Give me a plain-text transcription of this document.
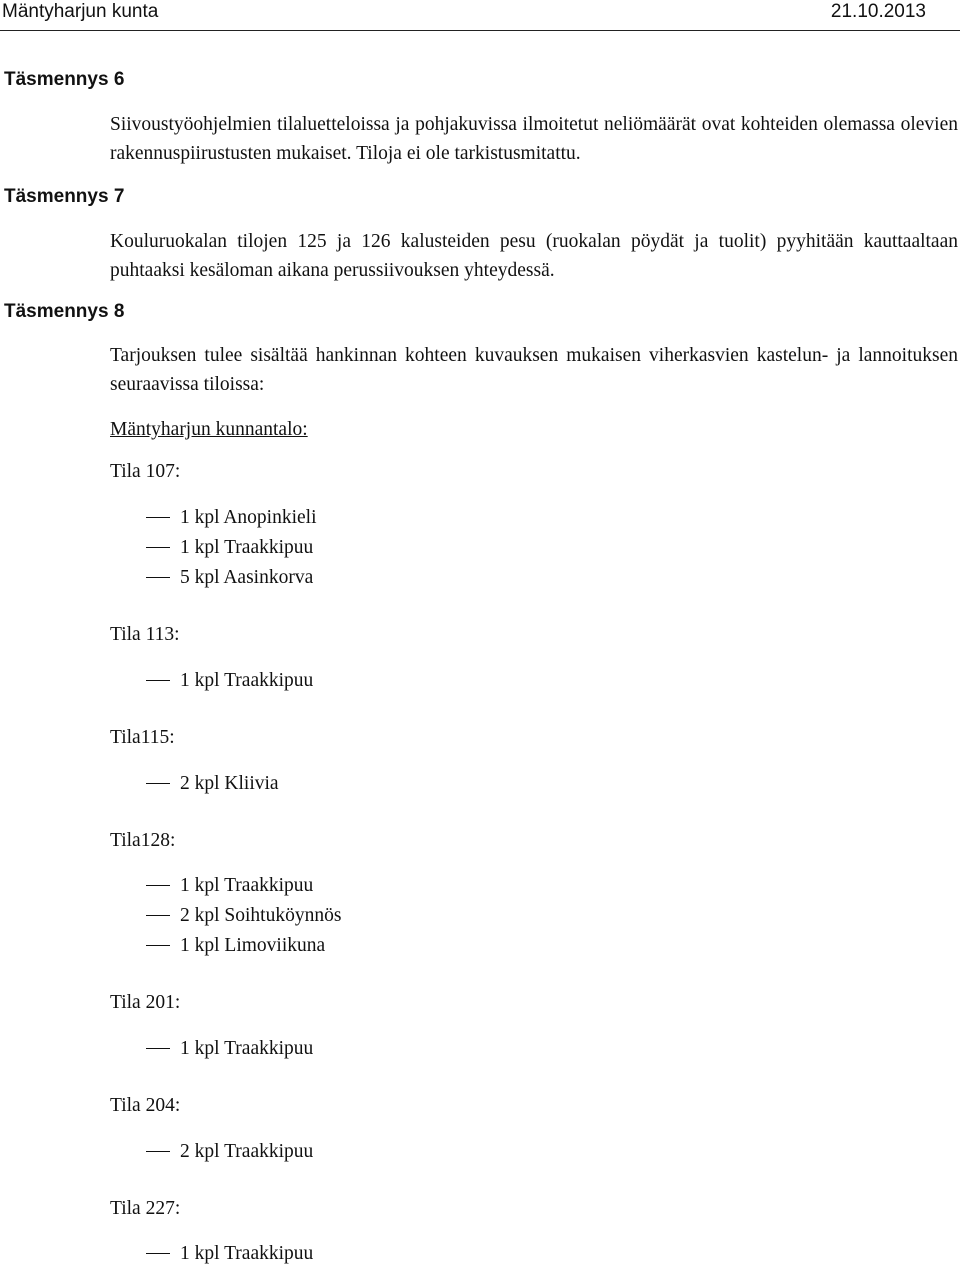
Mäntyharjun kunta	21.10.2013
Täsmennys 6
Siivoustyöohjelmien tilaluetteloissa ja pohjakuvissa ilmoitetut neliömäärät ovat kohteiden olemassa olevien rakennuspiirustusten mukaiset. Tiloja ei ole tarkistusmitattu.
Täsmennys 7
Kouluruokalan tilojen 125 ja 126 kalusteiden pesu (ruokalan pöydät ja tuolit) pyyhitään kauttaaltaan puhtaaksi kesäloman aikana perussiivouksen yhteydessä.
Täsmennys 8
Tarjouksen tulee sisältää hankinnan kohteen kuvauksen mukaisen viherkasvien kastelun- ja lannoituksen seuraavissa tiloissa:
Mäntyharjun kunnantalo:
Tila 107:
1 kpl Anopinkieli
1 kpl Traakkipuu
5 kpl Aasinkorva
Tila 113:
1 kpl Traakkipuu
Tila115:
2 kpl Kliivia
Tila128:
1 kpl Traakkipuu
2 kpl Soihtuköynnös
1 kpl Limoviikuna
Tila 201:
1 kpl Traakkipuu
Tila 204:
2 kpl Traakkipuu
Tila 227:
1 kpl Traakkipuu
